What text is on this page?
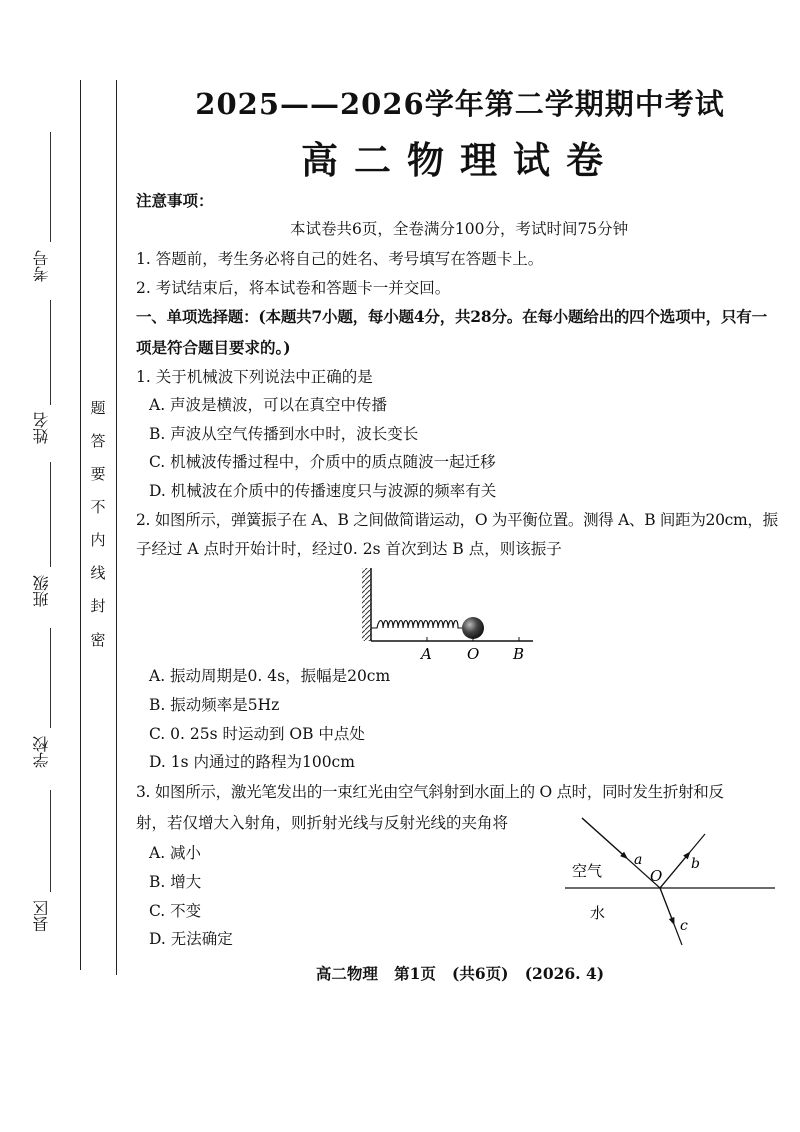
考号
姓名
班级
学校
县区
密
封
线
内
不
要
答
题
2025——2026学年第二学期期中考试
高二物理试卷
注意事项：
本试卷共6页，全卷满分100分，考试时间75分钟
1. 答题前，考生务必将自己的姓名、考号填写在答题卡上。
2. 考试结束后，将本试卷和答题卡一并交回。
一、单项选择题：(本题共7小题，每小题4分，共28分。在每小题给出的四个选项中，只有一
项是符合题目要求的。)
1. 关于机械波下列说法中正确的是
A. 声波是横波，可以在真空中传播
B. 声波从空气传播到水中时，波长变长
C. 机械波传播过程中，介质中的质点随波一起迁移
D. 机械波在介质中的传播速度只与波源的频率有关
2. 如图所示，弹簧振子在 A、B 之间做简谐运动，O 为平衡位置。测得 A、B 间距为20cm，振
子经过 A 点时开始计时，经过0. 2s 首次到达 B 点，则该振子
A O B
A. 振动周期是0. 4s，振幅是20cm
B. 振动频率是5Hz
C. 0. 25s 时运动到 OB 中点处
D. 1s 内通过的路程为100cm
3. 如图所示，激光笔发出的一束红光由空气斜射到水面上的 O 点时，同时发生折射和反
射，若仅增大入射角，则折射光线与反射光线的夹角将
A. 减小
B. 增大
C. 不变
D. 无法确定
空气
水
a	b
c
O
高二物理   第1页   (共6页)   (2026. 4)
